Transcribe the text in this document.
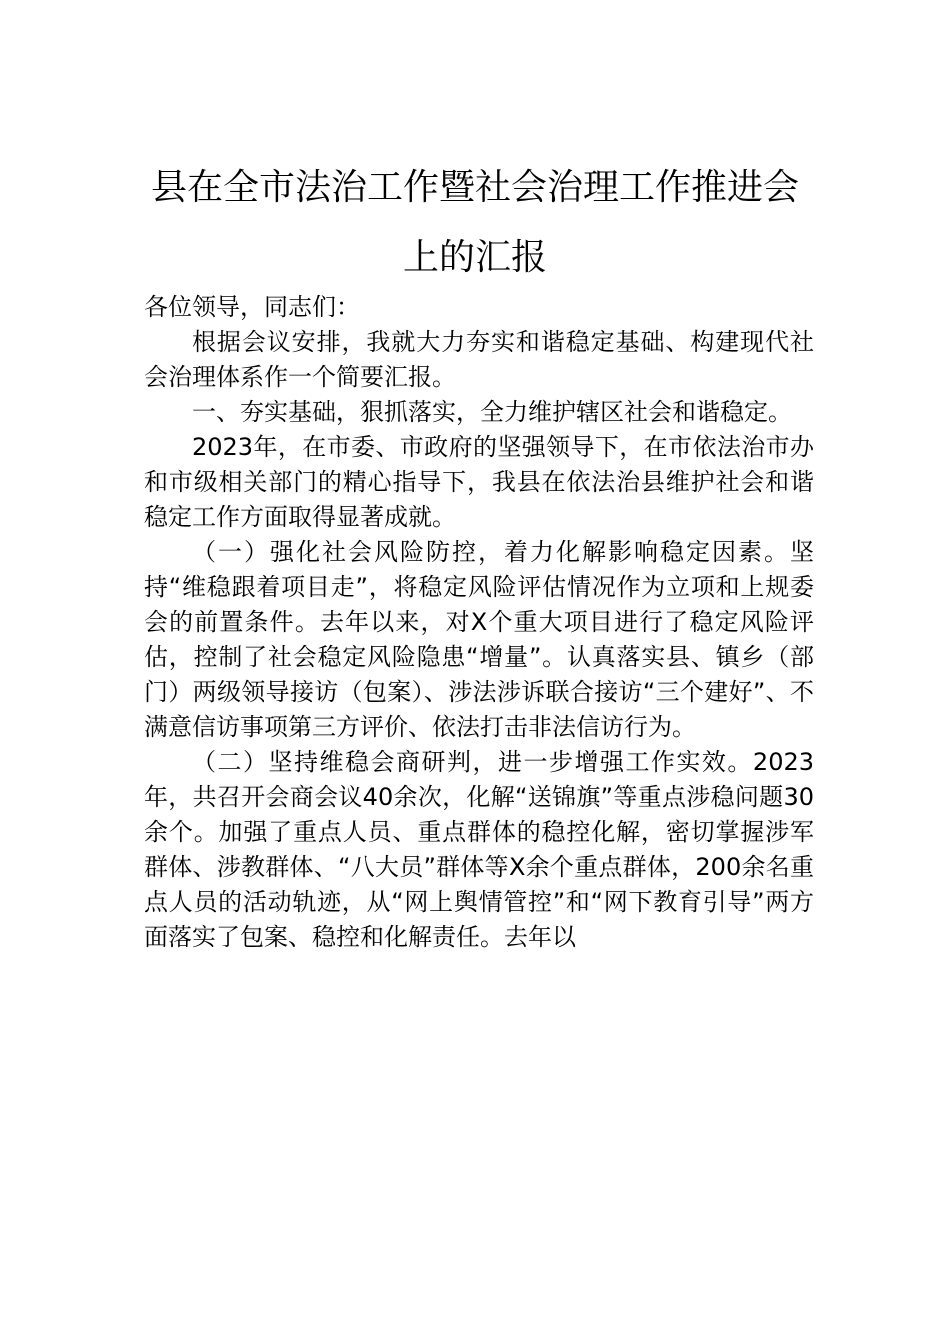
县在全市法治工作暨社会治理工作推进会
上的汇报

各位领导，同志们：

根据会议安排，我就大力夯实和谐稳定基础、构建现代社会治理体系作一个简要汇报。

一、夯实基础，狠抓落实，全力维护辖区社会和谐稳定。

2023年，在市委、市政府的坚强领导下，在市依法治市办和市级相关部门的精心指导下，我县在依法治县维护社会和谐稳定工作方面取得显著成就。

（一）强化社会风险防控，着力化解影响稳定因素。坚持“维稳跟着项目走”，将稳定风险评估情况作为立项和上规委会的前置条件。去年以来，对X个重大项目进行了稳定风险评估，控制了社会稳定风险隐患“增量”。认真落实县、镇乡（部门）两级领导接访（包案）、涉法涉诉联合接访“三个建好”、不满意信访事项第三方评价、依法打击非法信访行为。

（二）坚持维稳会商研判，进一步增强工作实效。2023年，共召开会商会议40余次，化解“送锦旗”等重点涉稳问题30余个。加强了重点人员、重点群体的稳控化解，密切掌握涉军群体、涉教群体、“八大员”群体等X余个重点群体，200余名重点人员的活动轨迹，从“网上舆情管控”和“网下教育引导”两方面落实了包案、稳控和化解责任。去年以
